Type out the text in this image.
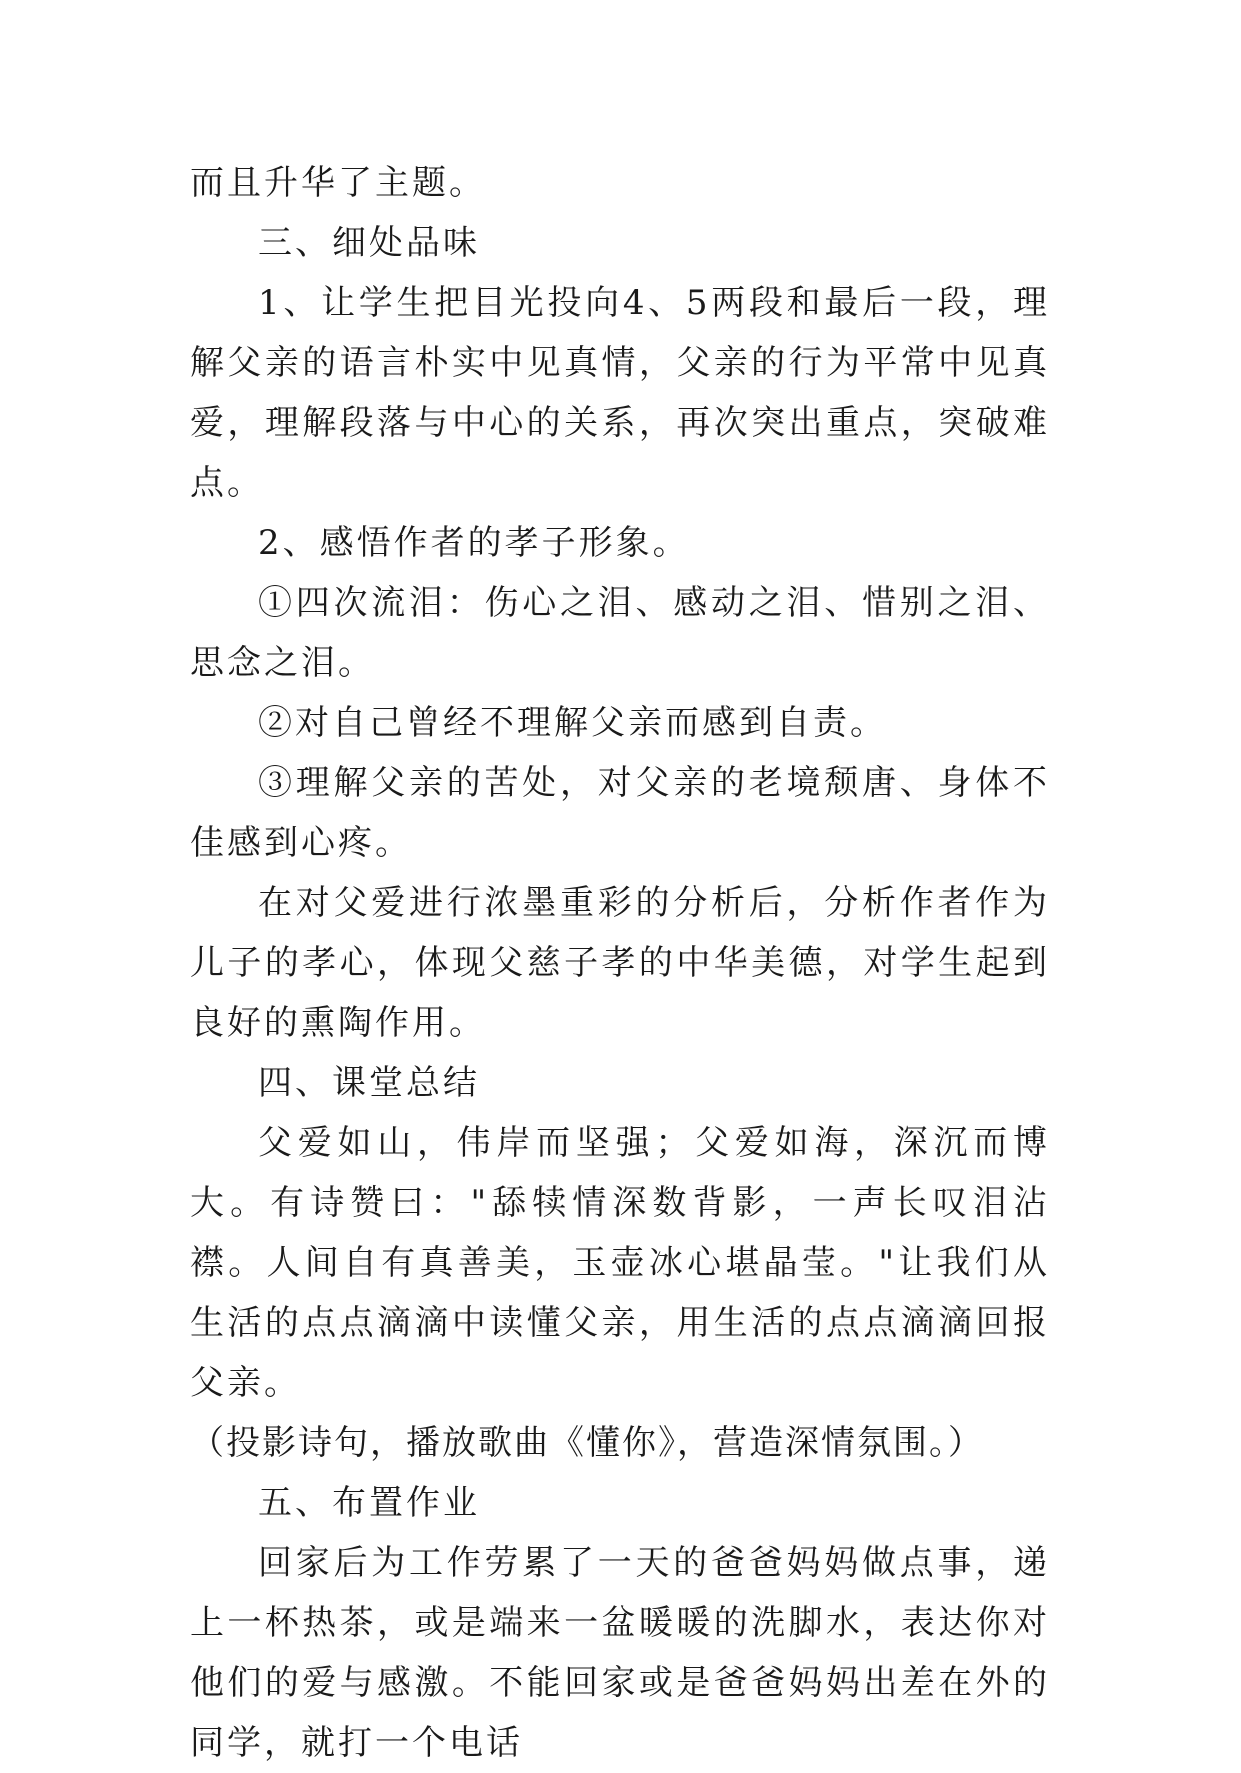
而且升华了主题。

三、细处品味

1、让学生把目光投向4、5两段和最后一段，理解父亲的语言朴实中见真情，父亲的行为平常中见真爱，理解段落与中心的关系，再次突出重点，突破难点。

2、感悟作者的孝子形象。

①四次流泪：伤心之泪、感动之泪、惜别之泪、思念之泪。

②对自己曾经不理解父亲而感到自责。

③理解父亲的苦处，对父亲的老境颓唐、身体不佳感到心疼。

在对父爱进行浓墨重彩的分析后，分析作者作为儿子的孝心，体现父慈子孝的中华美德，对学生起到良好的熏陶作用。

四、课堂总结

父爱如山，伟岸而坚强；父爱如海，深沉而博大。有诗赞曰："舔犊情深数背影，一声长叹泪沾襟。人间自有真善美，玉壶冰心堪晶莹。"让我们从生活的点点滴滴中读懂父亲，用生活的点点滴滴回报父亲。

（投影诗句，播放歌曲《懂你》，营造深情氛围。）

五、布置作业

回家后为工作劳累了一天的爸爸妈妈做点事，递上一杯热茶，或是端来一盆暖暖的洗脚水，表达你对他们的爱与感激。不能回家或是爸爸妈妈出差在外的同学，就打一个电话
